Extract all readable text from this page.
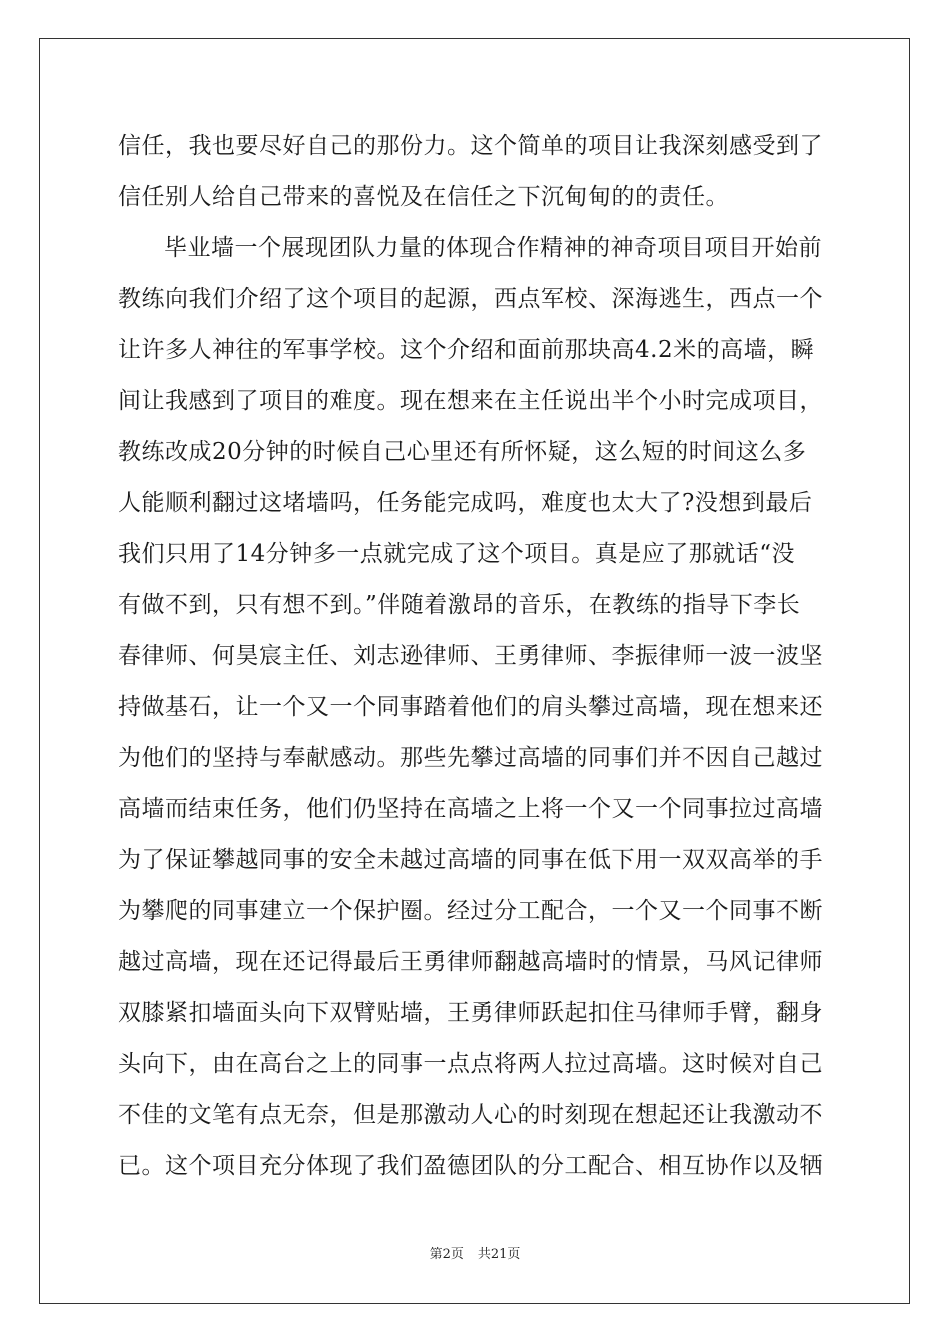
信任，我也要尽好自己的那份力。这个简单的项目让我深刻感受到了
信任别人给自己带来的喜悦及在信任之下沉甸甸的的责任。
毕业墙一个展现团队力量的体现合作精神的神奇项目项目开始前
教练向我们介绍了这个项目的起源，西点军校、深海逃生，西点一个
让许多人神往的军事学校。这个介绍和面前那块高4.2米的高墙，瞬
间让我感到了项目的难度。现在想来在主任说出半个小时完成项目，
教练改成20分钟的时候自己心里还有所怀疑，这么短的时间这么多
人能顺利翻过这堵墙吗，任务能完成吗，难度也太大了?没想到最后
我们只用了14分钟多一点就完成了这个项目。真是应了那就话“没
有做不到，只有想不到。”伴随着激昂的音乐，在教练的指导下李长
春律师、何昊宸主任、刘志逊律师、王勇律师、李振律师一波一波坚
持做基石，让一个又一个同事踏着他们的肩头攀过高墙，现在想来还
为他们的坚持与奉献感动。那些先攀过高墙的同事们并不因自己越过
高墙而结束任务，他们仍坚持在高墙之上将一个又一个同事拉过高墙
为了保证攀越同事的安全未越过高墙的同事在低下用一双双高举的手
为攀爬的同事建立一个保护圈。经过分工配合，一个又一个同事不断
越过高墙，现在还记得最后王勇律师翻越高墙时的情景，马风记律师
双膝紧扣墙面头向下双臂贴墙，王勇律师跃起扣住马律师手臂，翻身
头向下，由在高台之上的同事一点点将两人拉过高墙。这时候对自己
不佳的文笔有点无奈，但是那激动人心的时刻现在想起还让我激动不
已。这个项目充分体现了我们盈德团队的分工配合、相互协作以及牺
第2页 共21页
